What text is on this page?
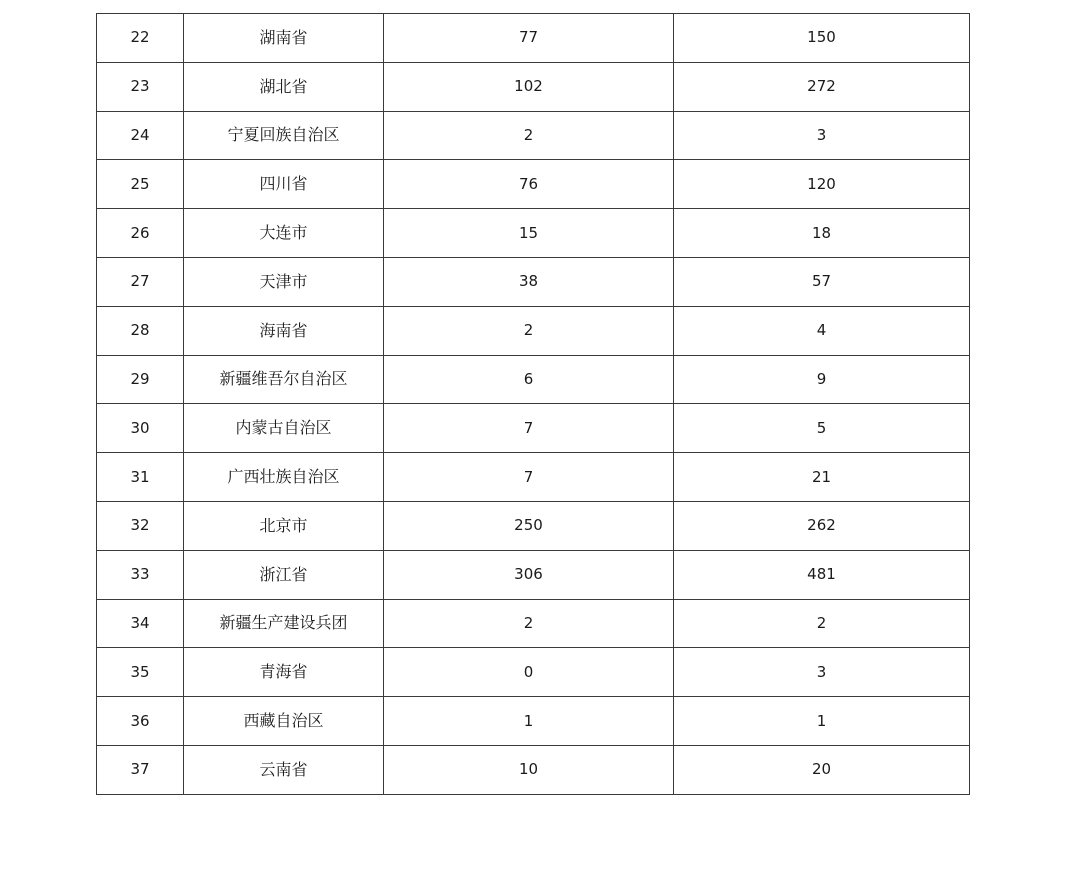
22	湖南省	77	150
23	湖北省	102	272
24	宁夏回族自治区	2	3
25	四川省	76	120
26	大连市	15	18
27	天津市	38	57
28	海南省	2	4
29	新疆维吾尔自治区	6	9
30	内蒙古自治区	7	5
31	广西壮族自治区	7	21
32	北京市	250	262
33	浙江省	306	481
34	新疆生产建设兵团	2	2
35	青海省	0	3
36	西藏自治区	1	1
37	云南省	10	20
